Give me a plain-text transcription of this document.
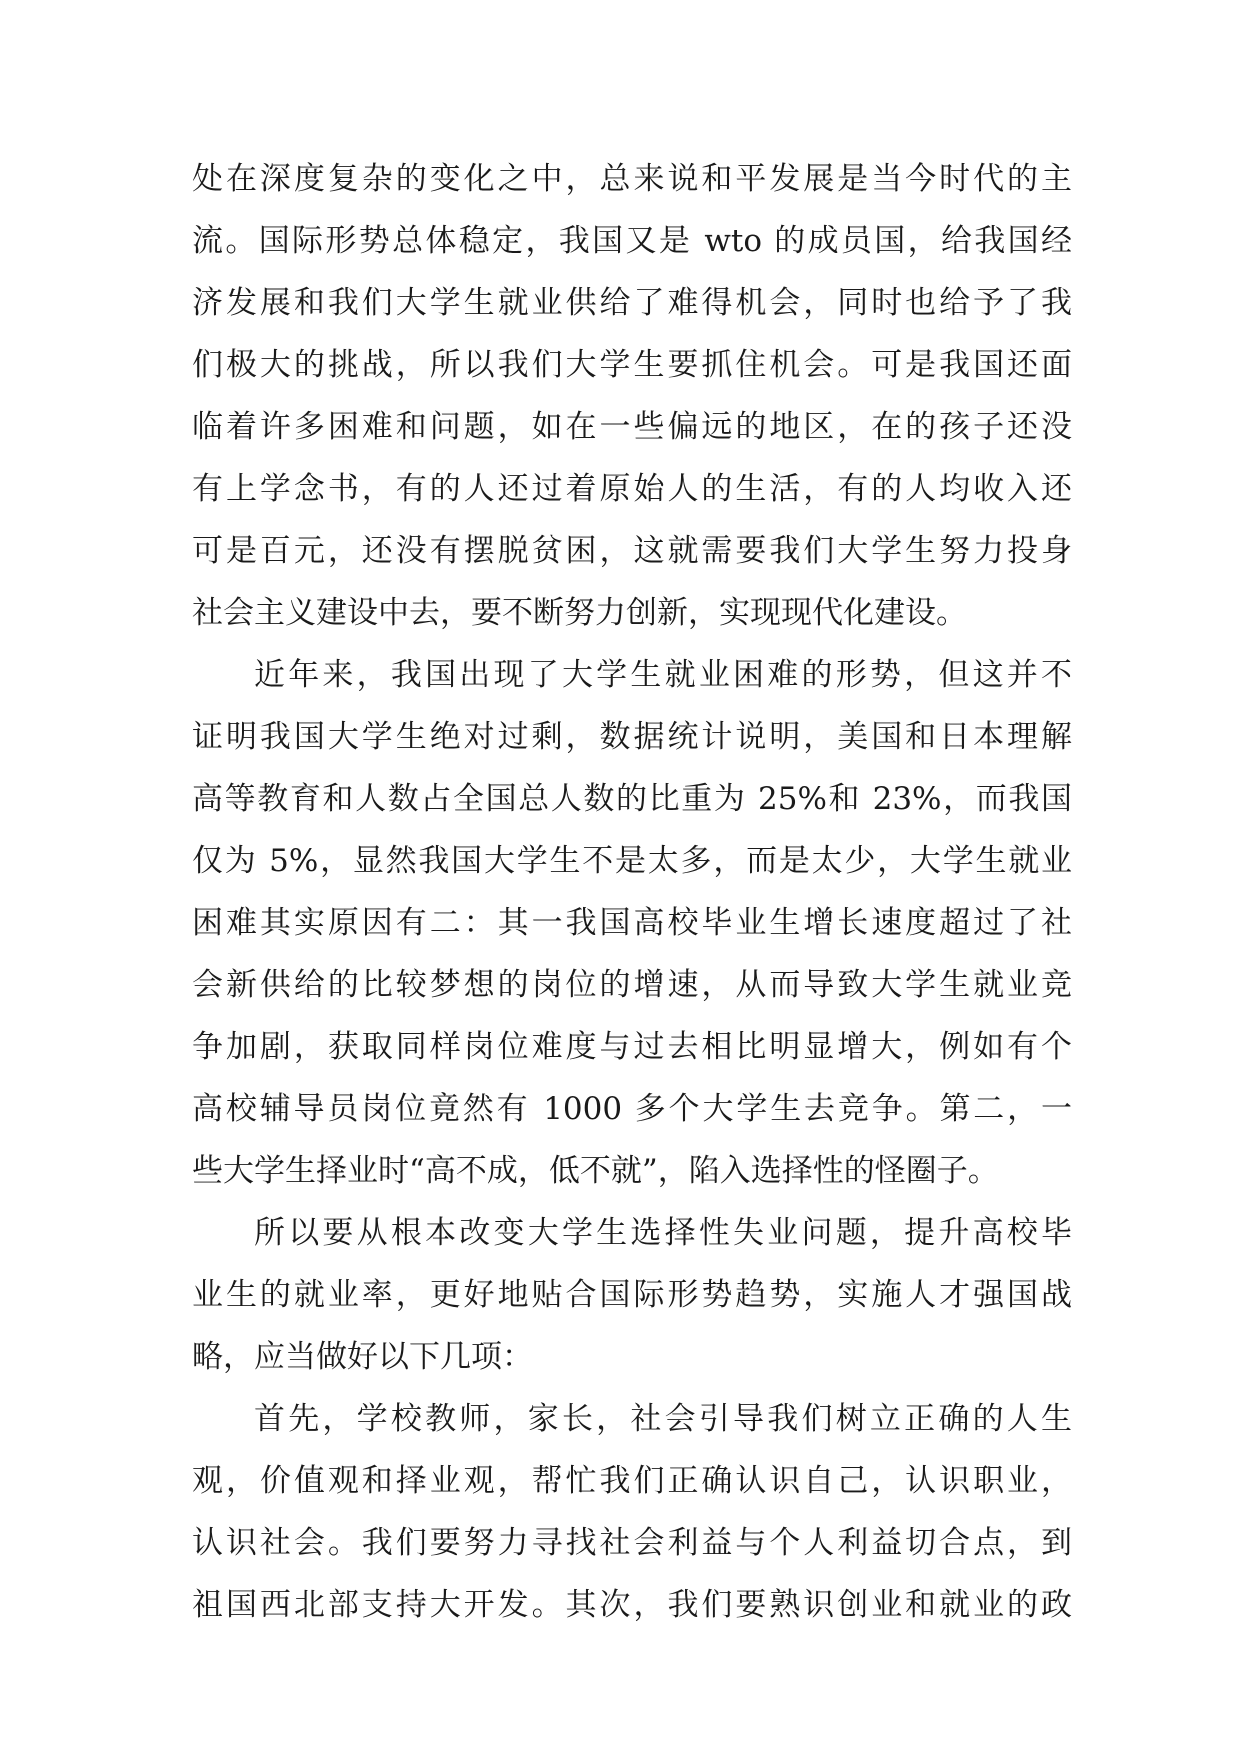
处在深度复杂的变化之中，总来说和平发展是当今时代的主
流。国际形势总体稳定，我国又是 wto 的成员国，给我国经
济发展和我们大学生就业供给了难得机会，同时也给予了我
们极大的挑战，所以我们大学生要抓住机会。可是我国还面
临着许多困难和问题，如在一些偏远的地区，在的孩子还没
有上学念书，有的人还过着原始人的生活，有的人均收入还
可是百元，还没有摆脱贫困，这就需要我们大学生努力投身
社会主义建设中去，要不断努力创新，实现现代化建设。
近年来，我国出现了大学生就业困难的形势，但这并不
证明我国大学生绝对过剩，数据统计说明，美国和日本理解
高等教育和人数占全国总人数的比重为 25%和 23%，而我国
仅为 5%，显然我国大学生不是太多，而是太少，大学生就业
困难其实原因有二：其一我国高校毕业生增长速度超过了社
会新供给的比较梦想的岗位的增速，从而导致大学生就业竞
争加剧，获取同样岗位难度与过去相比明显增大，例如有个
高校辅导员岗位竟然有 1000 多个大学生去竞争。第二，一
些大学生择业时“高不成，低不就”，陷入选择性的怪圈子。
所以要从根本改变大学生选择性失业问题，提升高校毕
业生的就业率，更好地贴合国际形势趋势，实施人才强国战
略，应当做好以下几项：
首先，学校教师，家长，社会引导我们树立正确的人生
观，价值观和择业观，帮忙我们正确认识自己，认识职业，
认识社会。我们要努力寻找社会利益与个人利益切合点，到
祖国西北部支持大开发。其次，我们要熟识创业和就业的政
